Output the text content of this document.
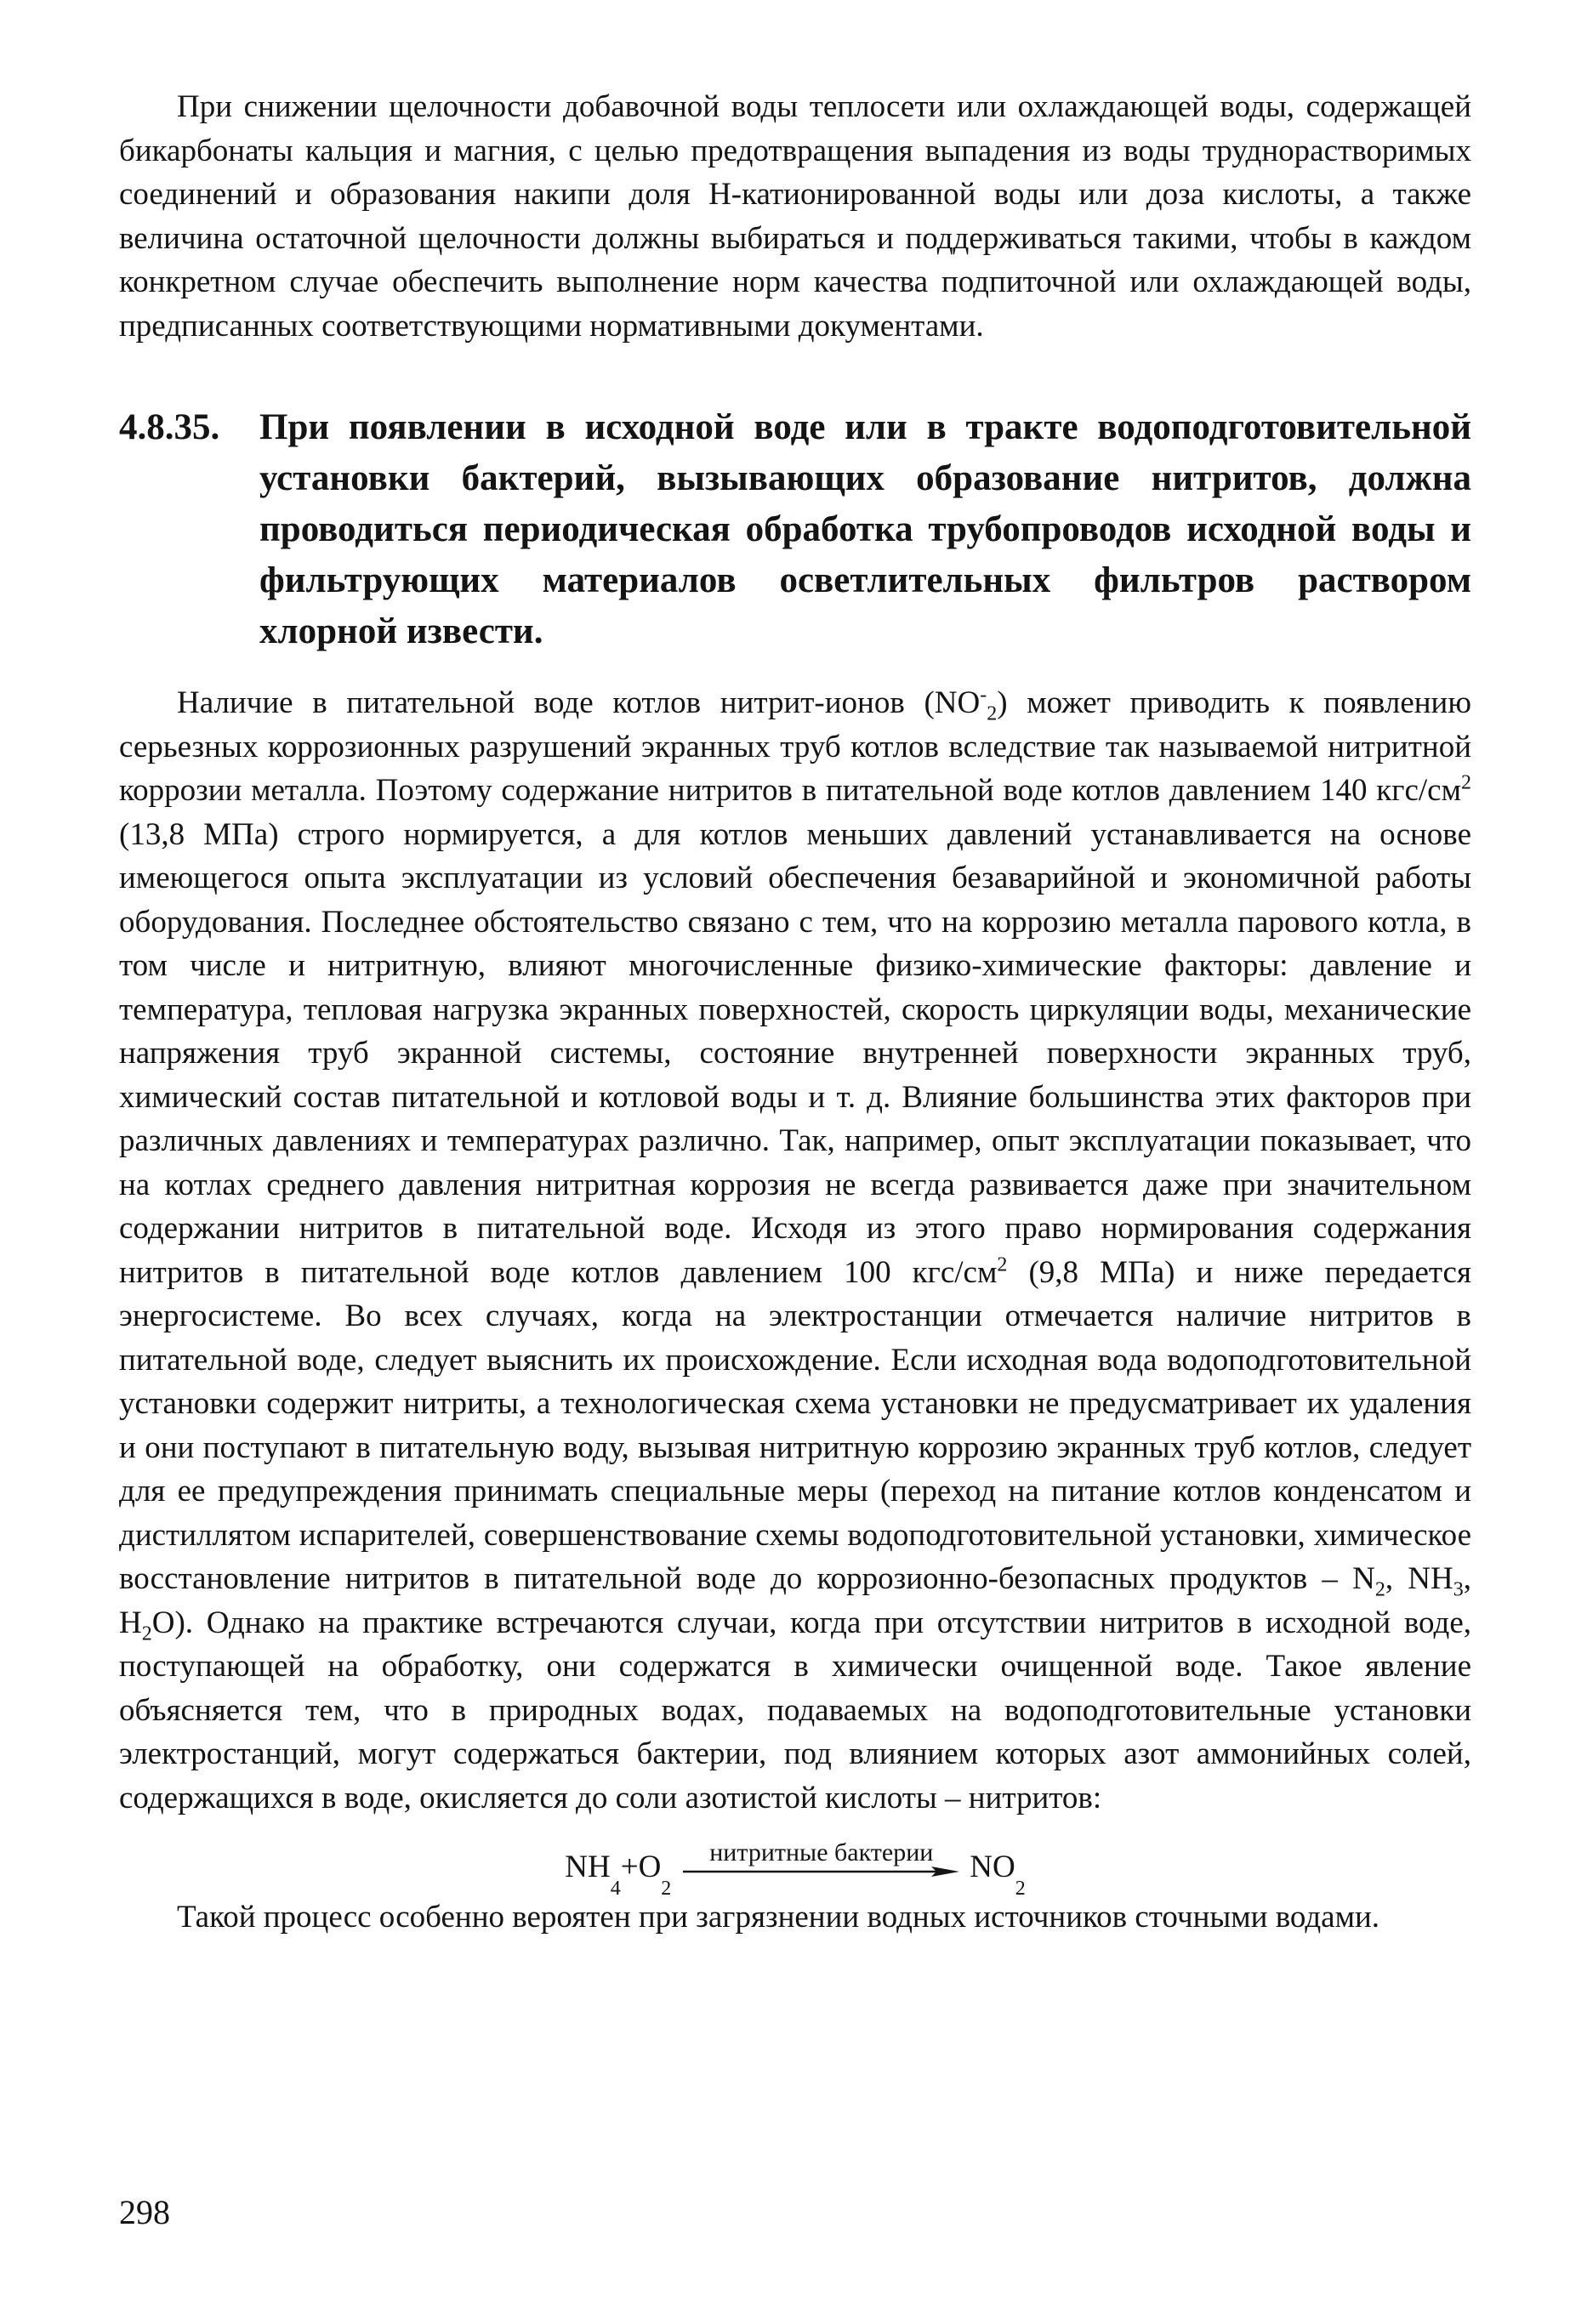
При снижении щелочности добавочной воды теплосети или охлаждающей воды, содержащей бикарбонаты кальция и магния, с целью предотвращения выпадения из воды труднорастворимых соединений и образования накипи доля Н-катионированной воды или доза кислоты, а также величина остаточной щелочности должны выбираться и поддерживаться такими, чтобы в каждом конкретном случае обеспечить выполнение норм качества подпиточной или охлаждающей воды, предписанных соответствующими нормативными документами.

4.8.35.	При появлении в исходной воде или в тракте водоподготовительной установки бактерий, вызывающих образование нитритов, должна проводиться периодическая обработка трубопроводов исходной воды и фильтрующих материалов осветлительных фильтров раствором хлорной извести.

Наличие в питательной воде котлов нитрит-ионов $(NO^-_2)$ может приводить к появлению серьезных коррозионных разрушений экранных труб котлов вследствие так называемой нитритной коррозии металла. Поэтому содержание нитритов в питательной воде котлов давлением 140 кгс/$см^2$ (13,8 МПа) строго нормируется, а для котлов меньших давлений устанавливается на основе имеющегося опыта эксплуатации из условий обеспечения безаварийной и экономичной работы оборудования. Последнее обстоятельство связано с тем, что на коррозию металла парового котла, в том числе и нитритную, влияют многочисленные физико-химические факторы: давление и температура, тепловая нагрузка экранных поверхностей, скорость циркуляции воды, механические напряжения труб экранной системы, состояние внутренней поверхности экранных труб, химический состав питательной и котловой воды и т. д. Влияние большинства этих факторов при различных давлениях и температурах различно. Так, например, опыт эксплуатации показывает, что на котлах среднего давления нитритная коррозия не всегда развивается даже при значительном содержании нитритов в питательной воде. Исходя из этого право нормирования содержания нитритов в питательной воде котлов давлением 100 кгс/$см^2$ (9,8 МПа) и ниже передается энергосистеме. Во всех случаях, когда на электростанции отмечается наличие нитритов в питательной воде, следует выяснить их происхождение. Если исходная вода водоподготовительной установки содержит нитриты, а технологическая схема установки не предусматривает их удаления и они поступают в питательную воду, вызывая нитритную коррозию экранных труб котлов, следует для ее предупреждения принимать специальные меры (переход на питание котлов конденсатом и дистиллятом испарителей, совершенствование схемы водоподготовительной установки, химическое восстановление нитритов в питательной воде до коррозионно-безопасных продуктов – $N_2$, $NH_3$, $H_2O$). Однако на практике встречаются случаи, когда при отсутствии нитритов в исходной воде, поступающей на обработку, они содержатся в химически очищенной воде. Такое явление объясняется тем, что в природных водах, подаваемых на водоподготовительные установки электростанций, могут содержаться бактерии, под влиянием которых азот аммонийных солей, содержащихся в воде, окисляется до соли азотистой кислоты – нитритов:

NH
4
+O
2
нитритные бактерии NO
2

Такой процесс особенно вероятен при загрязнении водных источников сточными водами.

298
